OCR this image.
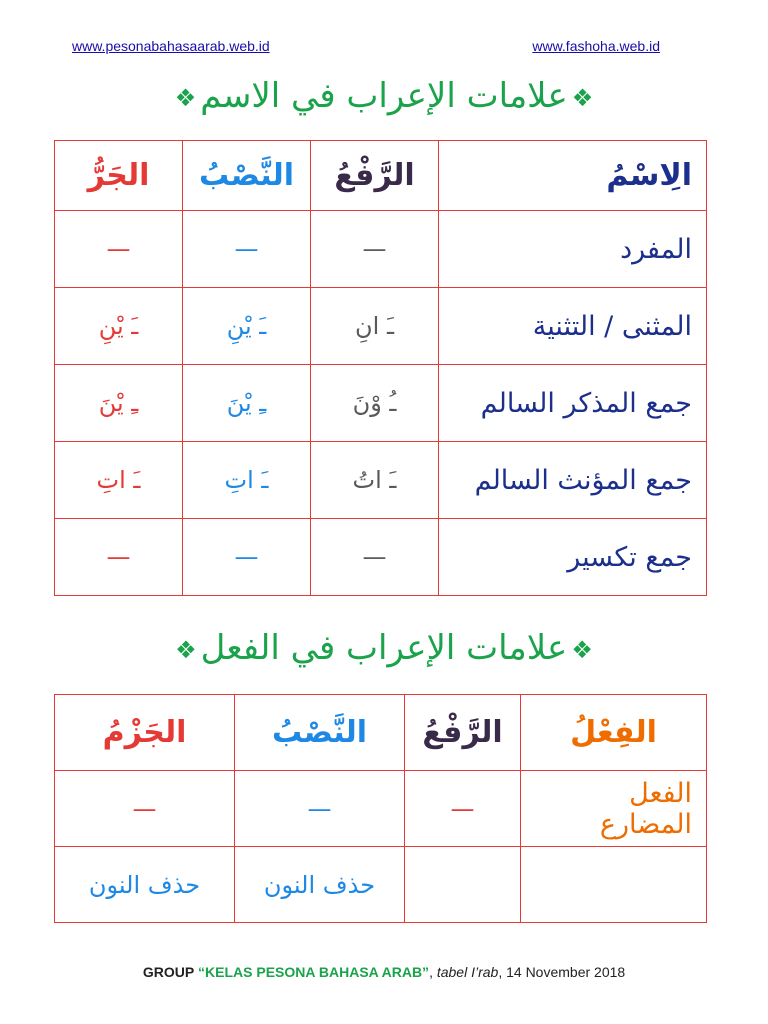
www.pesonabahasaarab.web.id	www.fashoha.web.id
❖علامات الإعراب في الاسم❖
الِاسْمُ	الرَّفْعُ	النَّصْبُ	الجَرُّ
المفرد	—	—	—
المثنى / التثنية	ـَ انِ	ـَ يْنِ	ـَ يْنِ
جمع المذكر السالم	ـُ وْنَ	ـِ يْنَ	ـِ يْنَ
جمع المؤنث السالم	ـَ اتُ	ـَ اتِ	ـَ اتِ
جمع تكسير	—	—	—
❖علامات الإعراب في الفعل❖
الفِعْلُ	الرَّفْعُ	النَّصْبُ	الجَزْمُ
الفعل المضارع	—	—	—
		حذف النون	حذف النون
GROUP “KELAS PESONA BAHASA ARAB”, tabel I’rab, 14 November 2018
